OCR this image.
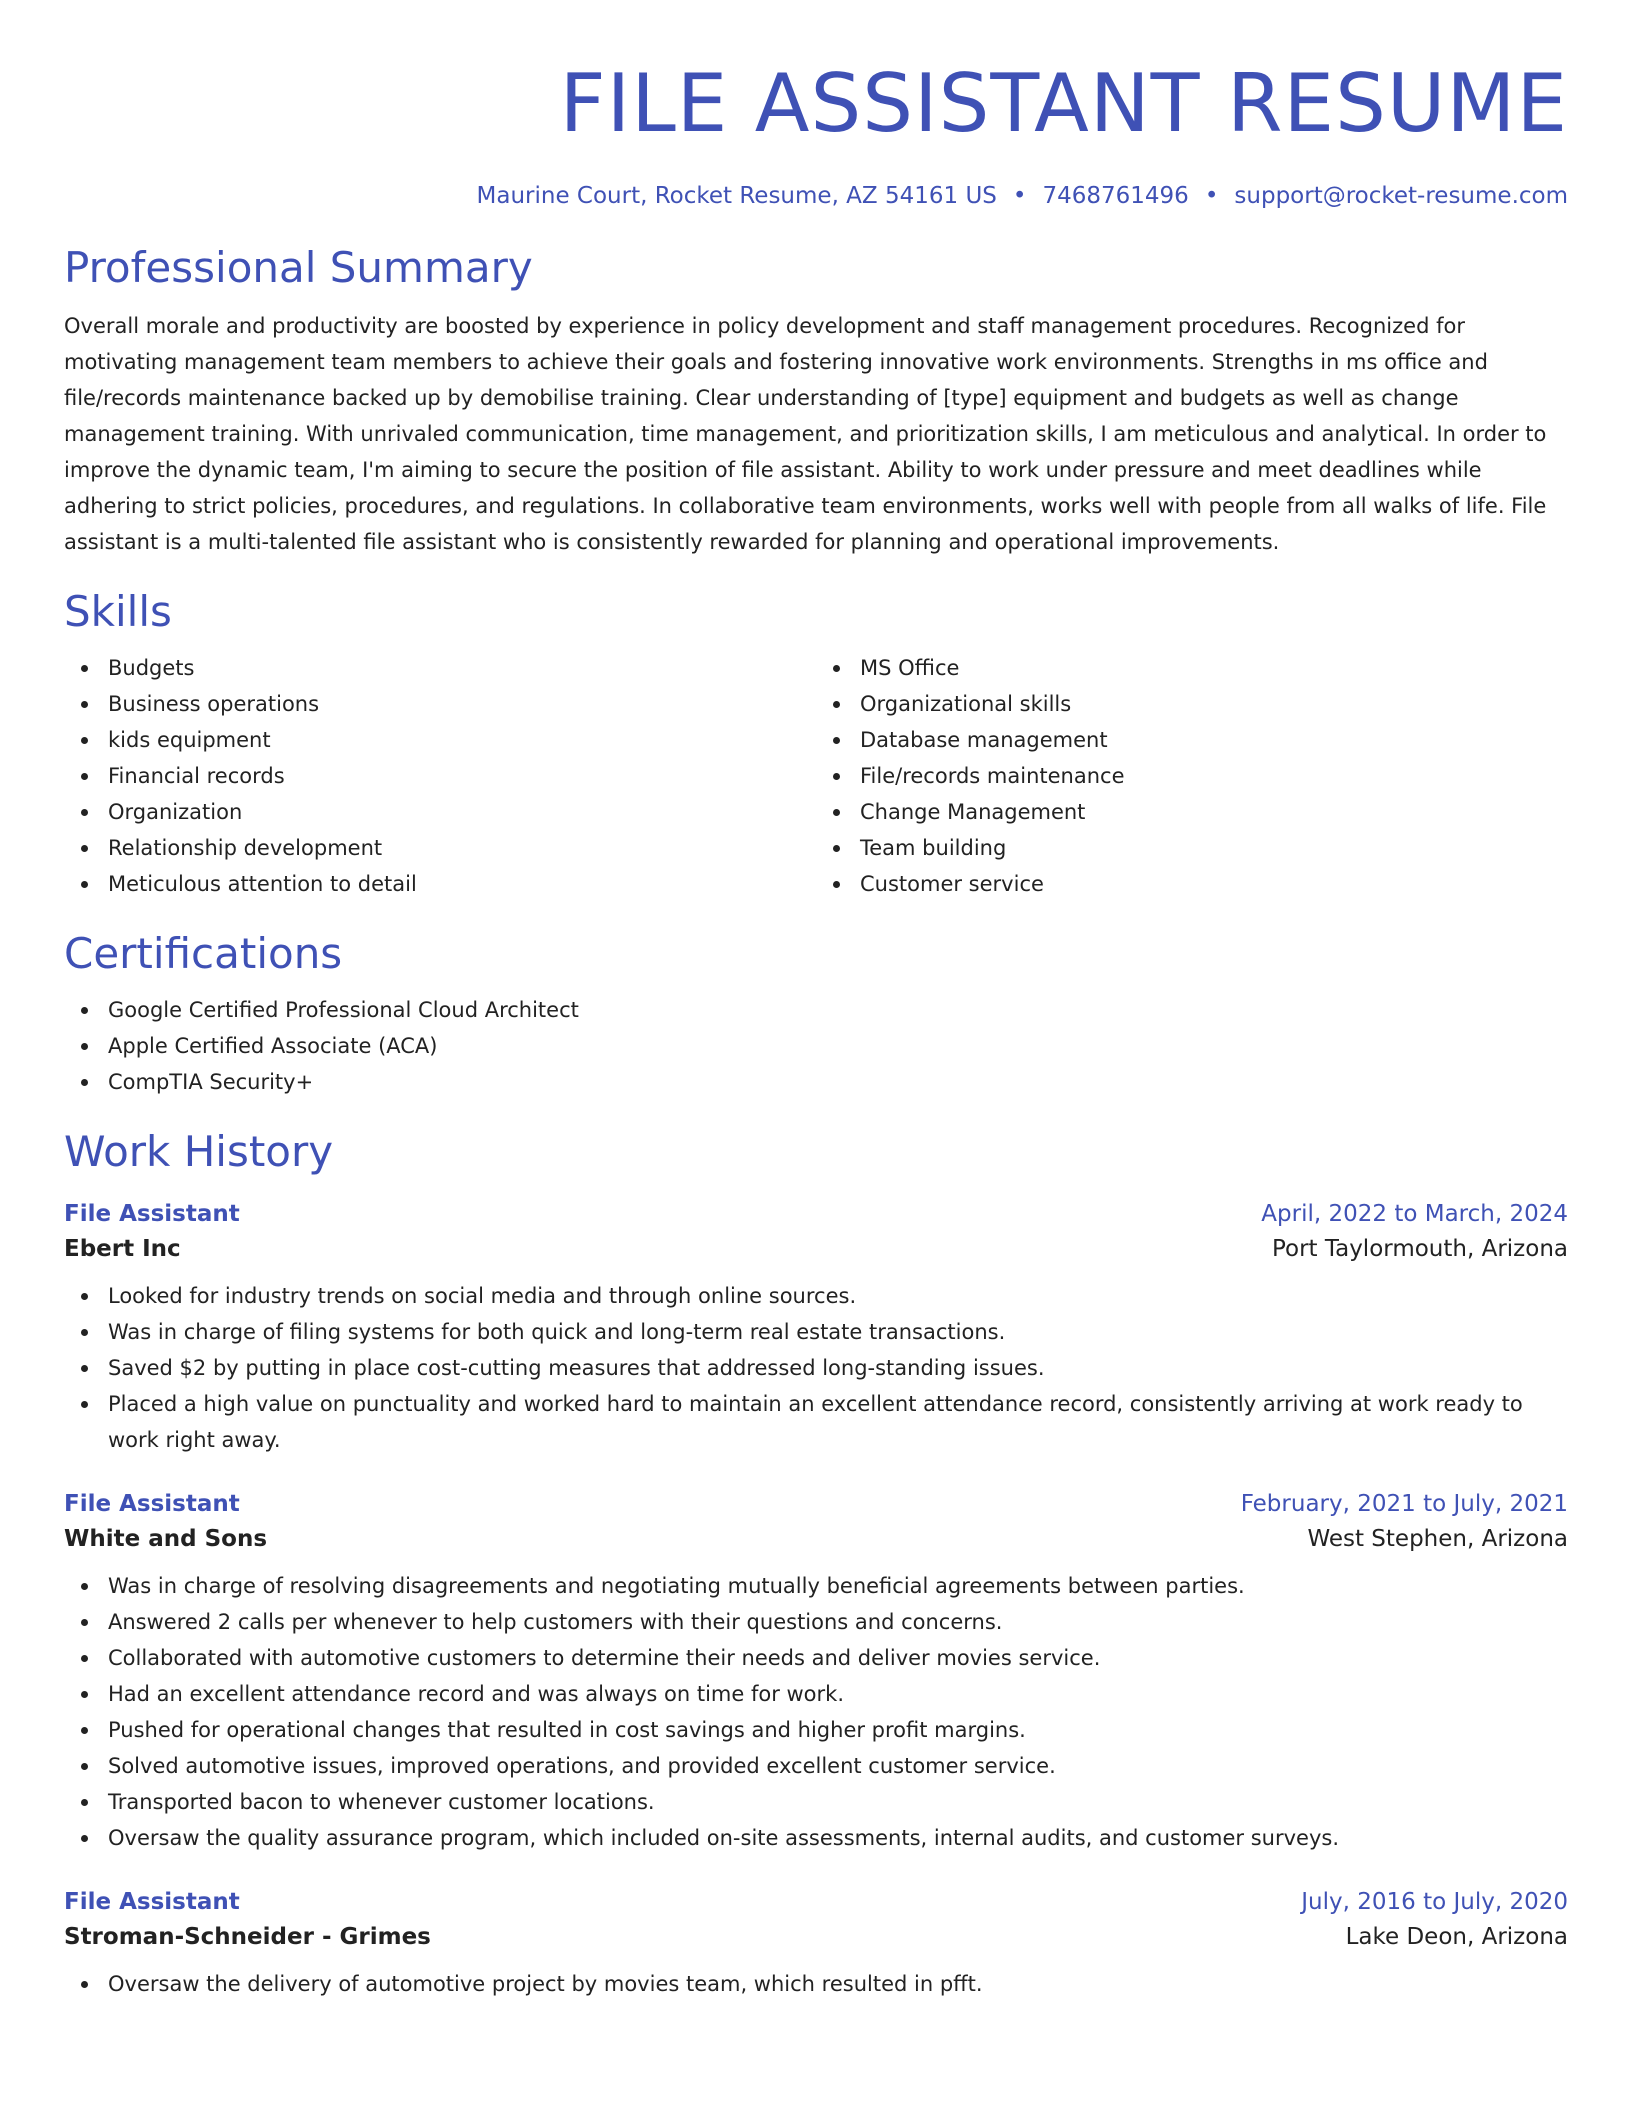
FILE ASSISTANT RESUME
Maurine Court, Rocket Resume, AZ 54161 US • 7468761496 • support@rocket-resume.com
Professional Summary

Overall morale and productivity are boosted by experience in policy development and staff management procedures. Recognized for motivating management team members to achieve their goals and fostering innovative work environments. Strengths in ms office and file/records maintenance backed up by demobilise training. Clear understanding of [type] equipment and budgets as well as change management training. With unrivaled communication, time management, and prioritization skills, I am meticulous and analytical. In order to improve the dynamic team, I'm aiming to secure the position of file assistant. Ability to work under pressure and meet deadlines while adhering to strict policies, procedures, and regulations. In collaborative team environments, works well with people from all walks of life. File assistant is a multi-talented file assistant who is consistently rewarded for planning and operational improvements.

Skills
Budgets
Business operations
kids equipment
Financial records
Organization
Relationship development
Meticulous attention to detail
MS Office
Organizational skills
Database management
File/records maintenance
Change Management
Team building
Customer service
Certifications
Google Certified Professional Cloud Architect
Apple Certified Associate (ACA)
CompTIA Security+
Work History
File Assistant	April, 2022 to March, 2024
Ebert Inc	Port Taylormouth, Arizona
Looked for industry trends on social media and through online sources.
Was in charge of filing systems for both quick and long-term real estate transactions.
Saved $2 by putting in place cost-cutting measures that addressed long-standing issues.
Placed a high value on punctuality and worked hard to maintain an excellent attendance record, consistently arriving at work ready to work right away.
File Assistant	February, 2021 to July, 2021
White and Sons	West Stephen, Arizona
Was in charge of resolving disagreements and negotiating mutually beneficial agreements between parties.
Answered 2 calls per whenever to help customers with their questions and concerns.
Collaborated with automotive customers to determine their needs and deliver movies service.
Had an excellent attendance record and was always on time for work.
Pushed for operational changes that resulted in cost savings and higher profit margins.
Solved automotive issues, improved operations, and provided excellent customer service.
Transported bacon to whenever customer locations.
Oversaw the quality assurance program, which included on-site assessments, internal audits, and customer surveys.
File Assistant	July, 2016 to July, 2020
Stroman-Schneider - Grimes	Lake Deon, Arizona
Oversaw the delivery of automotive project by movies team, which resulted in pfft.
